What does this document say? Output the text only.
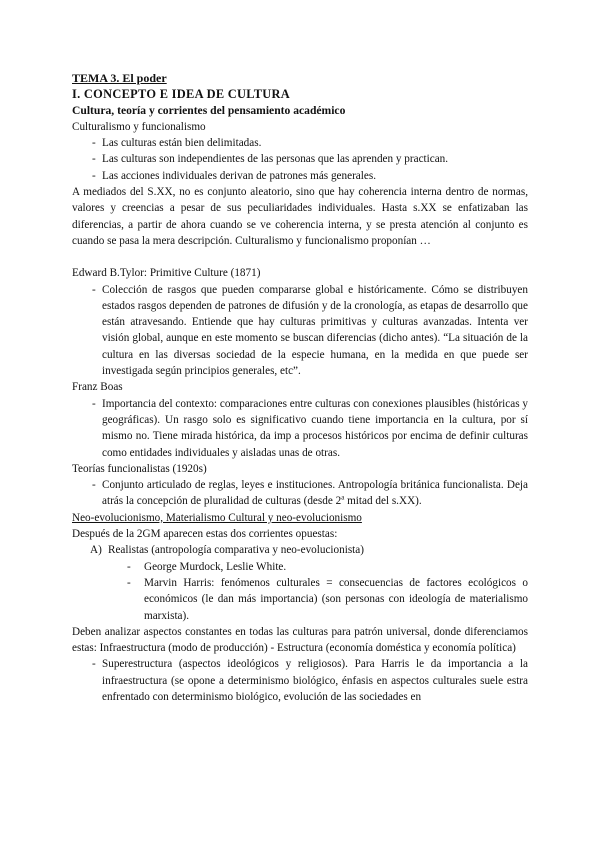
TEMA 3. El poder

I. CONCEPTO E IDEA DE CULTURA

Cultura, teoría y corrientes del pensamiento académico

Culturalismo y funcionalismo

- Las culturas están bien delimitadas.
- Las culturas son independientes de las personas que las aprenden y practican.
- Las acciones individuales derivan de patrones más generales.

A mediados del S.XX, no es conjunto aleatorio, sino que hay coherencia interna dentro de normas, valores y creencias a pesar de sus peculiaridades individuales. Hasta s.XX se enfatizaban las diferencias, a partir de ahora cuando se ve coherencia interna, y se presta atención al conjunto es cuando se pasa la mera descripción. Culturalismo y funcionalismo proponían …

Edward B.Tylor: Primitive Culture (1871)

- Colección de rasgos que pueden compararse global e históricamente. Cómo se distribuyen estados rasgos dependen de patrones de difusión y de la cronología, as etapas de desarrollo que están atravesando. Entiende que hay culturas primitivas y culturas avanzadas. Intenta ver visión global, aunque en este momento se buscan diferencias (dicho antes). “La situación de la cultura en las diversas sociedad de la especie humana, en la medida en que puede ser investigada según principios generales, etc”.

Franz Boas

- Importancia del contexto: comparaciones entre culturas con conexiones plausibles (históricas y geográficas). Un rasgo solo es significativo cuando tiene importancia en la cultura, por sí mismo no. Tiene mirada histórica, da imp a procesos históricos por encima de definir culturas como entidades individuales y aisladas unas de otras.

Teorías funcionalistas (1920s)

- Conjunto articulado de reglas, leyes e instituciones. Antropología británica funcionalista. Deja atrás la concepción de pluralidad de culturas (desde 2$^a$ mitad del s.XX).

Neo-evolucionismo, Materialismo Cultural y neo-evolucionismo

Después de la 2GM aparecen estas dos corrientes opuestas:

A) Realistas (antropología comparativa y neo-evolucionista)

- George Murdock, Leslie White.
- Marvin Harris: fenómenos culturales = consecuencias de factores ecológicos o económicos (le dan más importancia) (son personas con ideología de materialismo marxista).

Deben analizar aspectos constantes en todas las culturas para patrón universal, donde diferenciamos estas: Infraestructura (modo de producción) - Estructura (economía doméstica y economía política)

- Superestructura (aspectos ideológicos y religiosos). Para Harris le da importancia a la infraestructura (se opone a determinismo biológico, énfasis en aspectos culturales suele estra enfrentado con determinismo biológico, evolución de las sociedades en
